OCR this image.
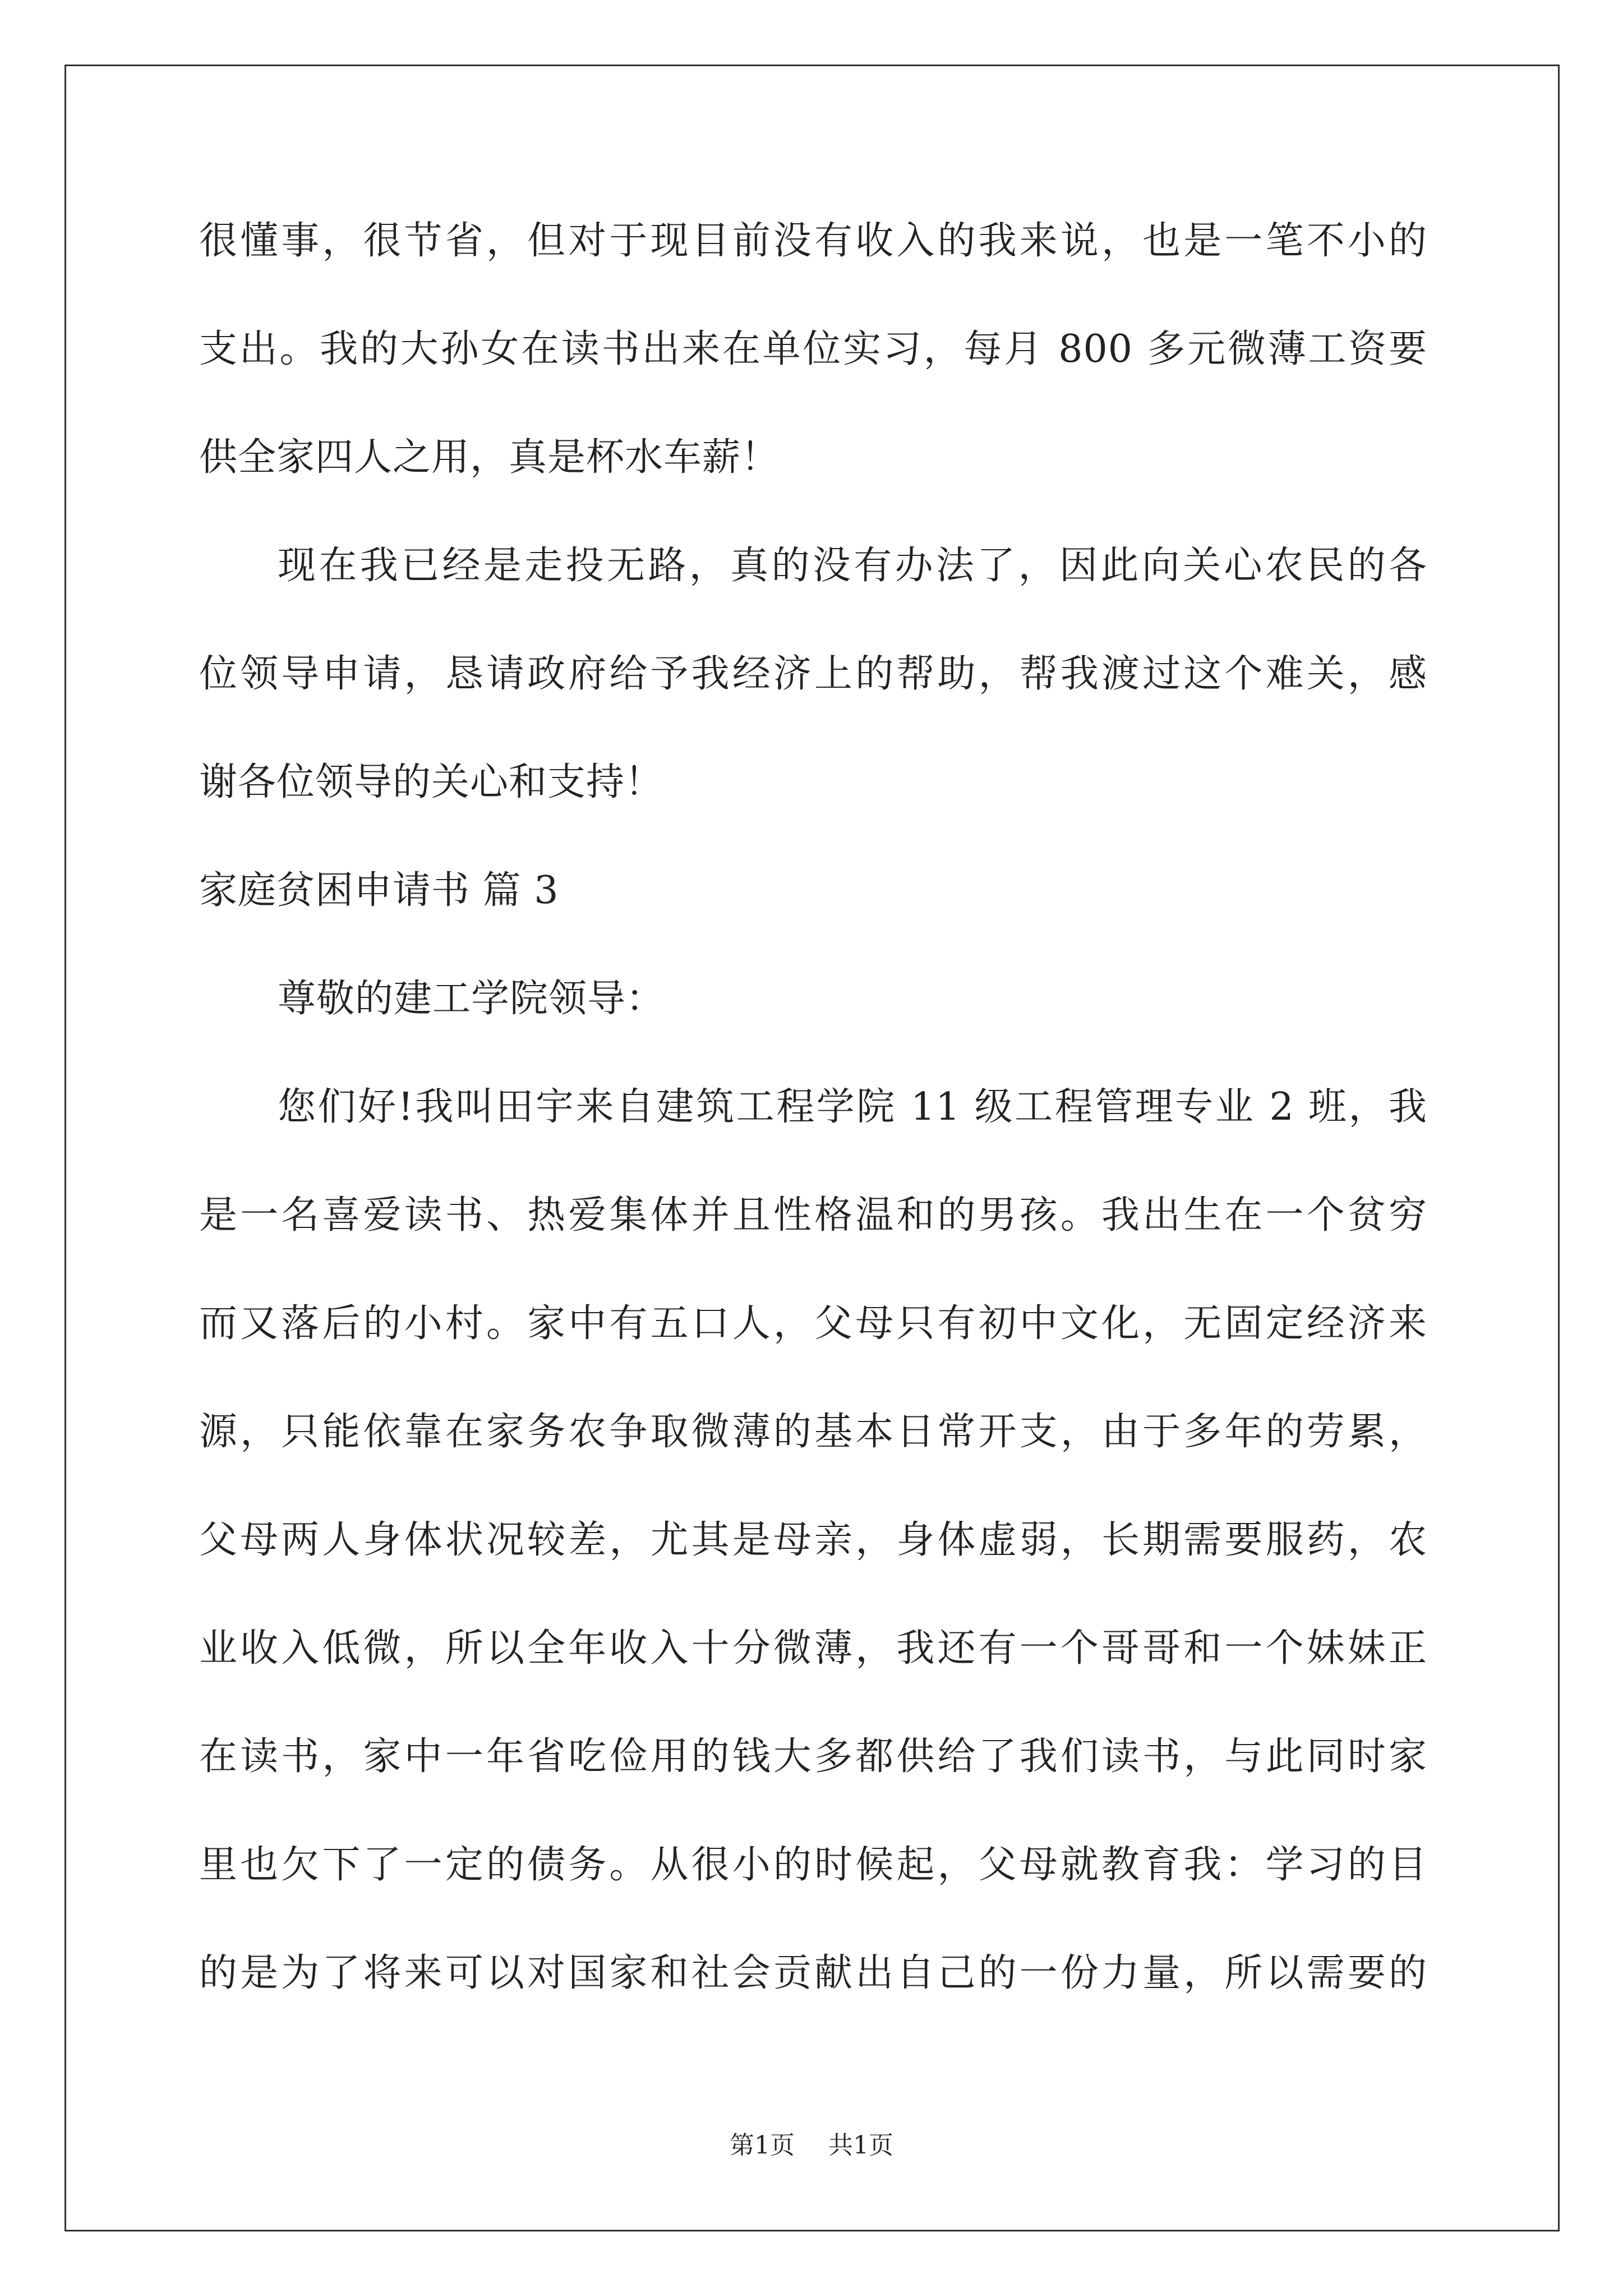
很懂事，很节省，但对于现目前没有收入的我来说，也是一笔不小的
支出。我的大孙女在读书出来在单位实习，每月 800 多元微薄工资要
供全家四人之用，真是杯水车薪！
现在我已经是走投无路，真的没有办法了，因此向关心农民的各
位领导申请，恳请政府给予我经济上的帮助，帮我渡过这个难关，感
谢各位领导的关心和支持！
家庭贫困申请书 篇 3
尊敬的建工学院领导：
您们好!我叫田宇来自建筑工程学院 11 级工程管理专业 2 班，我
是一名喜爱读书、热爱集体并且性格温和的男孩。我出生在一个贫穷
而又落后的小村。家中有五口人，父母只有初中文化，无固定经济来
源，只能依靠在家务农争取微薄的基本日常开支，由于多年的劳累，
父母两人身体状况较差，尤其是母亲，身体虚弱，长期需要服药，农
业收入低微，所以全年收入十分微薄，我还有一个哥哥和一个妹妹正
在读书，家中一年省吃俭用的钱大多都供给了我们读书，与此同时家
里也欠下了一定的债务。从很小的时候起，父母就教育我：学习的目
的是为了将来可以对国家和社会贡献出自己的一份力量，所以需要的
第1页 共1页
